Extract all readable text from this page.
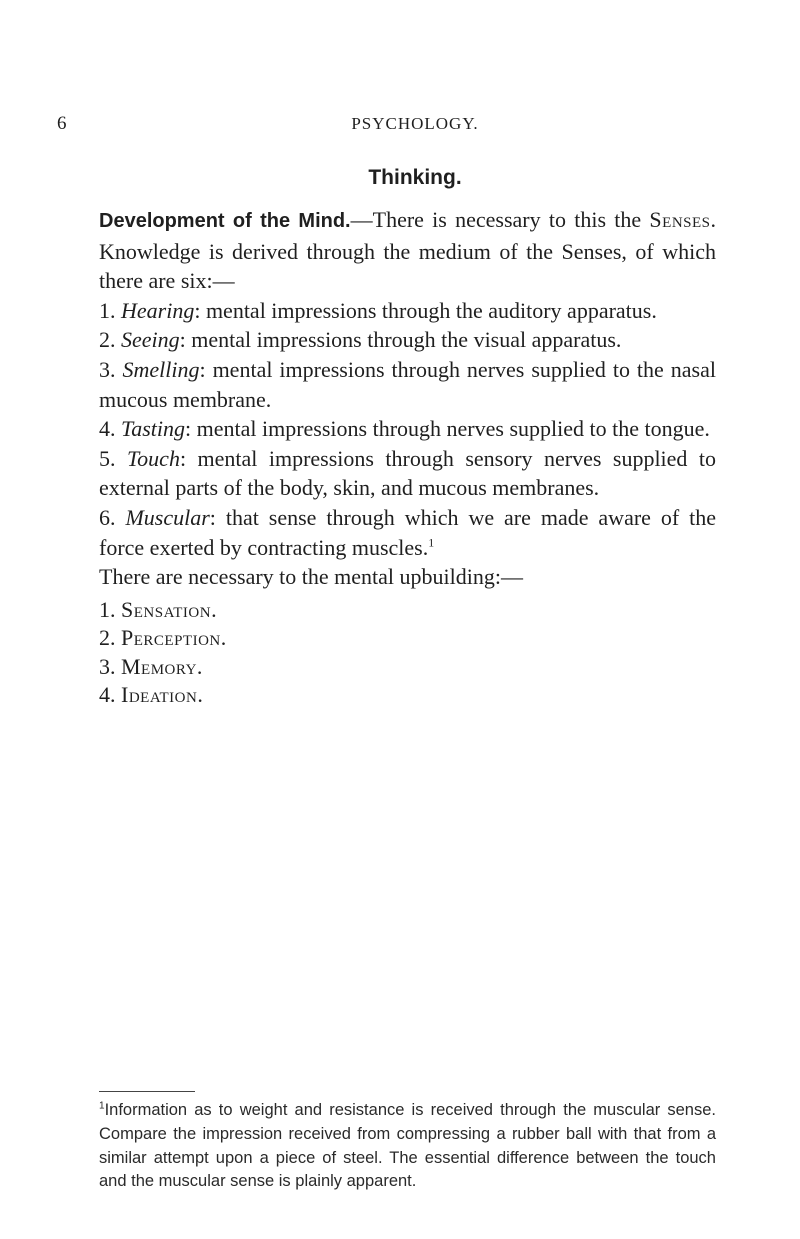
6	PSYCHOLOGY.
Thinking.

Development of the Mind.—There is necessary to this the Senses. Knowledge is derived through the medium of the Senses, of which there are six:—

1. Hearing: mental impressions through the auditory apparatus.

2. Seeing: mental impressions through the visual apparatus.

3. Smelling: mental impressions through nerves supplied to the nasal mucous membrane.

4. Tasting: mental impressions through nerves supplied to the tongue.

5. Touch: mental impressions through sensory nerves supplied to external parts of the body, skin, and mucous membranes.

6. Muscular: that sense through which we are made aware of the force exerted by contracting muscles.$^1$

There are necessary to the mental upbuilding:—

1. Sensation.
2. Perception.
3. Memory.
4. Ideation.
$^1$Information as to weight and resistance is received through the muscular sense. Compare the impression received from compressing a rubber ball with that from a similar attempt upon a piece of steel. The essential difference between the touch and the muscular sense is plainly apparent.
